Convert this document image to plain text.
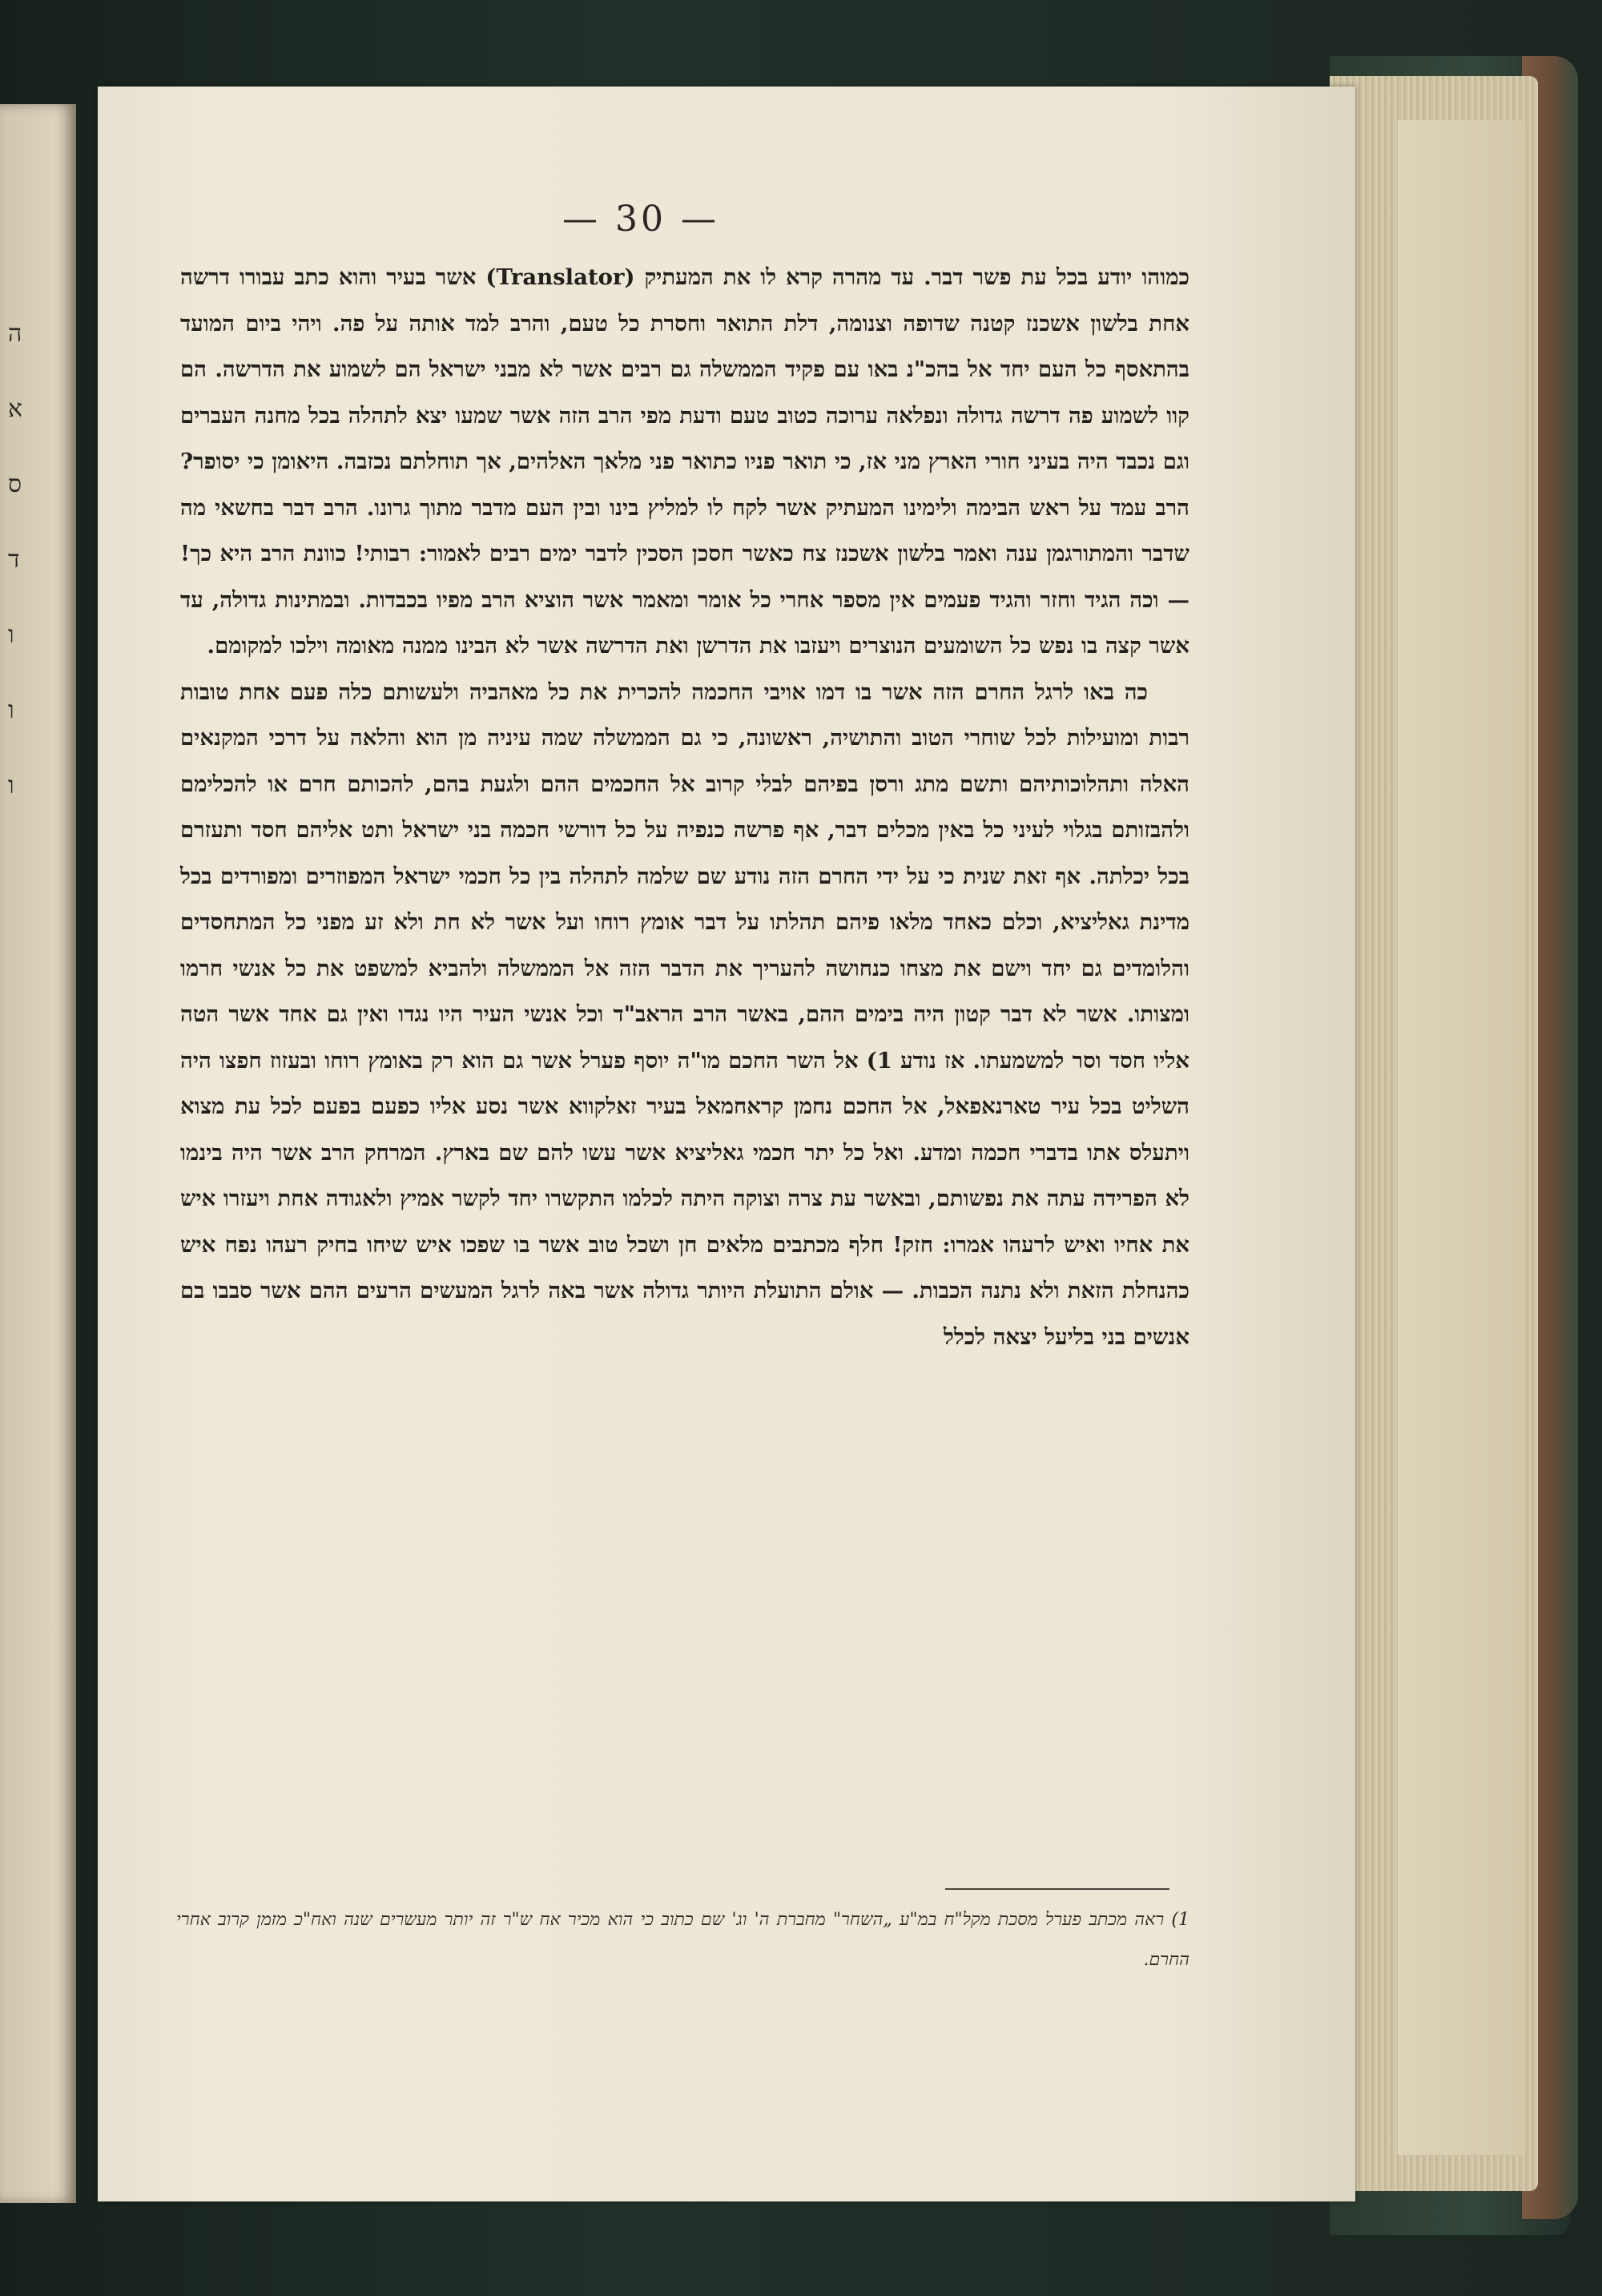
ה
א
ס
ד
ו
ו
ו
— 30 —

כמוהו יודע בכל עת פשר דבר. עד מהרה קרא לו את המעתיק (Translator) אשר בעיר והוא כתב עבורו דרשה אחת בלשון אשכנז קטנה שדופה וצנומה, דלת התואר וחסרת כל טעם, והרב למד אותה על פה. ויהי ביום המועד בהתאסף כל העם יחד אל בהכ"נ באו עם פקיד הממשלה גם רבים אשר לא מבני ישראל הם לשמוע את הדרשה. הם קוו לשמוע פה דרשה גדולה ונפלאה ערוכה כטוב טעם ודעת מפי הרב הזה אשר שמעו יצא לתהלה בכל מחנה העברים וגם נכבד היה בעיני חורי הארץ מני אז, כי תואר פניו כתואר פני מלאך האלהים, אך תוחלתם נכזבה. היאומן כי יסופר? הרב עמד על ראש הבימה ולימינו המעתיק אשר לקח לו למליץ בינו ובין העם מדבר מתוך גרונו. הרב דבר בחשאי מה שדבר והמתורגמן ענה ואמר בלשון אשכנז צח כאשר חסכן הסכין לדבר ימים רבים לאמור: רבותי! כוונת הרב היא כך! — וכה הגיד וחזר והגיד פעמים אין מספר אחרי כל אומר ומאמר אשר הוציא הרב מפיו בכבדות. ובמתינות גדולה, עד אשר קצה בו נפש כל השומעים הנוצרים ויעזבו את הדרשן ואת הדרשה אשר לא הבינו ממנה מאומה וילכו למקומם.

כה באו לרגל החרם הזה אשר בו דמו אויבי החכמה להכרית את כל מאהביה ולעשותם כלה פעם אחת טובות רבות ומועילות לכל שוחרי הטוב והתושיה, ראשונה, כי גם הממשלה שמה עיניה מן הוא והלאה על דרכי המקנאים האלה ותהלוכותיהם ותשם מתג ורסן בפיהם לבלי קרוב אל החכמים ההם ולגעת בהם, להכותם חרם או להכלימם ולהבזותם בגלוי לעיני כל באין מכלים דבר, אף פרשה כנפיה על כל דורשי חכמה בני ישראל ותט אליהם חסד ותעזרם בכל יכלתה. אף זאת שנית כי על ידי החרם הזה נודע שם שלמה לתהלה בין כל חכמי ישראל המפוזרים ומפורדים בכל מדינת גאליציא, וכלם כאחד מלאו פיהם תהלתו על דבר אומץ רוחו ועל אשר לא חת ולא זע מפני כל המתחסדים והלומדים גם יחד וישם את מצחו כנחושה להעריך את הדבר הזה אל הממשלה ולהביא למשפט את כל אנשי חרמו ומצותו. אשר לא דבר קטון היה בימים ההם, באשר הרב הראב"ד וכל אנשי העיר היו נגדו ואין גם אחד אשר הטה אליו חסד וסר למשמעתו. אז נודע 1) אל השר החכם מו"ה יוסף פערל אשר גם הוא רק באומץ רוחו ובעזוז חפצו היה השליט בכל עיר טארנאפאל, אל החכם נחמן קראחמאל בעיר זאלקווא אשר נסע אליו כפעם בפעם לכל עת מצוא ויתעלס אתו בדברי חכמה ומדע. ואל כל יתר חכמי גאליציא אשר עשו להם שם בארץ. המרחק הרב אשר היה בינמו לא הפרידה עתה את נפשותם, ובאשר עת צרה וצוקה היתה לכלמו התקשרו יחד לקשר אמיץ ולאגודה אחת ויעזרו איש את אחיו ואיש לרעהו אמרו: חזק! חלף מכתבים מלאים חן ושכל טוב אשר בו שפכו איש שיחו בחיק רעהו נפח איש כהנחלת הזאת ולא נתנה הכבות. — אולם התועלת היותר גדולה אשר באה לרגל המעשים הרעים ההם אשר סבבו בם אנשים בני בליעל יצאה לכלל

1) ראה מכתב פערל מסכת מקל"ח במ"ע „השחר" מחברת ה' וג' שם כתוב כי הוא מכיר אח ש"ר זה יותר מעשרים שנה ואח"כ מזמן קרוב אחרי החרם.
